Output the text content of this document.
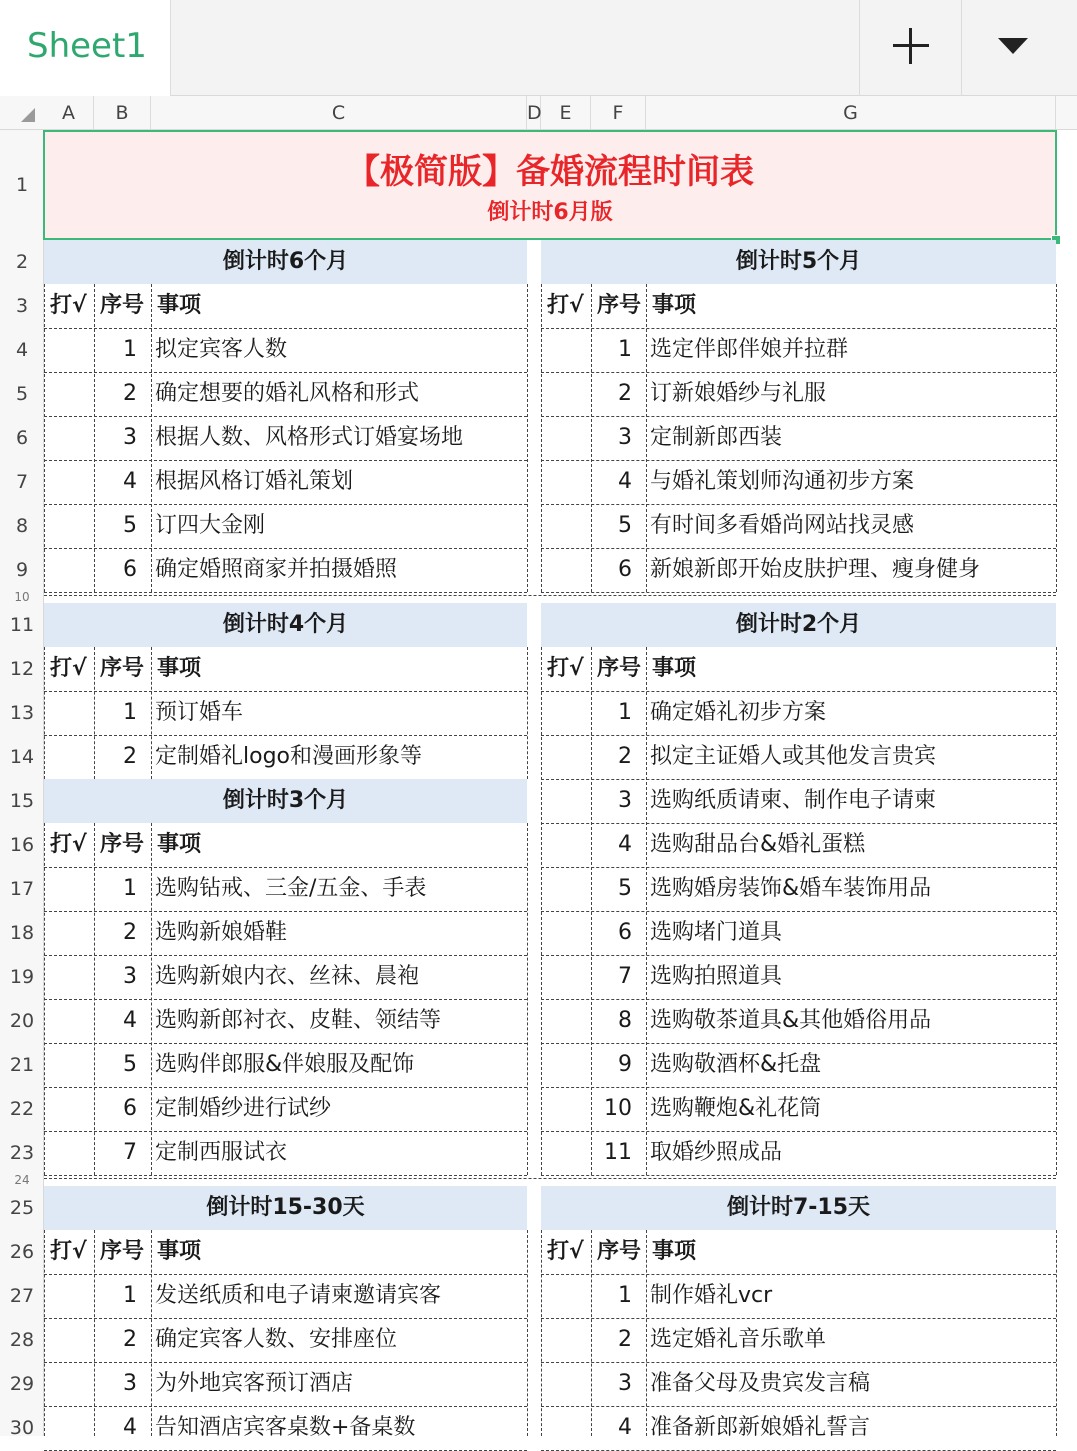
Sheet1
A	B	C	D E	F	G
1
2
3
4
5
6
7
8
9
10
11
12
13
14
15
16
17
18
19
20
21
22
23
24
25
26
27
28
29
30
【极简版】备婚流程时间表
倒计时6月版
倒计时6个月
打√ 序号 事项
1 拟定宾客人数
2 确定想要的婚礼风格和形式
3 根据人数、风格形式订婚宴场地
4 根据风格订婚礼策划
5 订四大金刚
6 确定婚照商家并拍摄婚照
倒计时5个月
打√ 序号 事项
1 选定伴郎伴娘并拉群
2 订新娘婚纱与礼服
3 定制新郎西装
4 与婚礼策划师沟通初步方案
5 有时间多看婚尚网站找灵感
6 新娘新郎开始皮肤护理、瘦身健身
倒计时4个月
打√ 序号 事项
1 预订婚车
2 定制婚礼logo和漫画形象等
倒计时3个月
打√ 序号 事项
1 选购钻戒、三金/五金、手表
2 选购新娘婚鞋
3 选购新娘内衣、丝袜、晨袍
4 选购新郎衬衣、皮鞋、领结等
5 选购伴郎服&伴娘服及配饰
6 定制婚纱进行试纱
7 定制西服试衣
倒计时2个月
打√ 序号 事项
1 确定婚礼初步方案
2 拟定主证婚人或其他发言贵宾
3 选购纸质请柬、制作电子请柬
4 选购甜品台&婚礼蛋糕
5 选购婚房装饰&婚车装饰用品
6 选购堵门道具
7 选购拍照道具
8 选购敬茶道具&其他婚俗用品
9 选购敬酒杯&托盘
10 选购鞭炮&礼花筒
11 取婚纱照成品
倒计时15-30天
打√ 序号 事项
1 发送纸质和电子请柬邀请宾客
2 确定宾客人数、安排座位
3 为外地宾客预订酒店
4 告知酒店宾客桌数+备桌数
倒计时7-15天
打√ 序号 事项
1 制作婚礼vcr
2 选定婚礼音乐歌单
3 准备父母及贵宾发言稿
4 准备新郎新娘婚礼誓言
